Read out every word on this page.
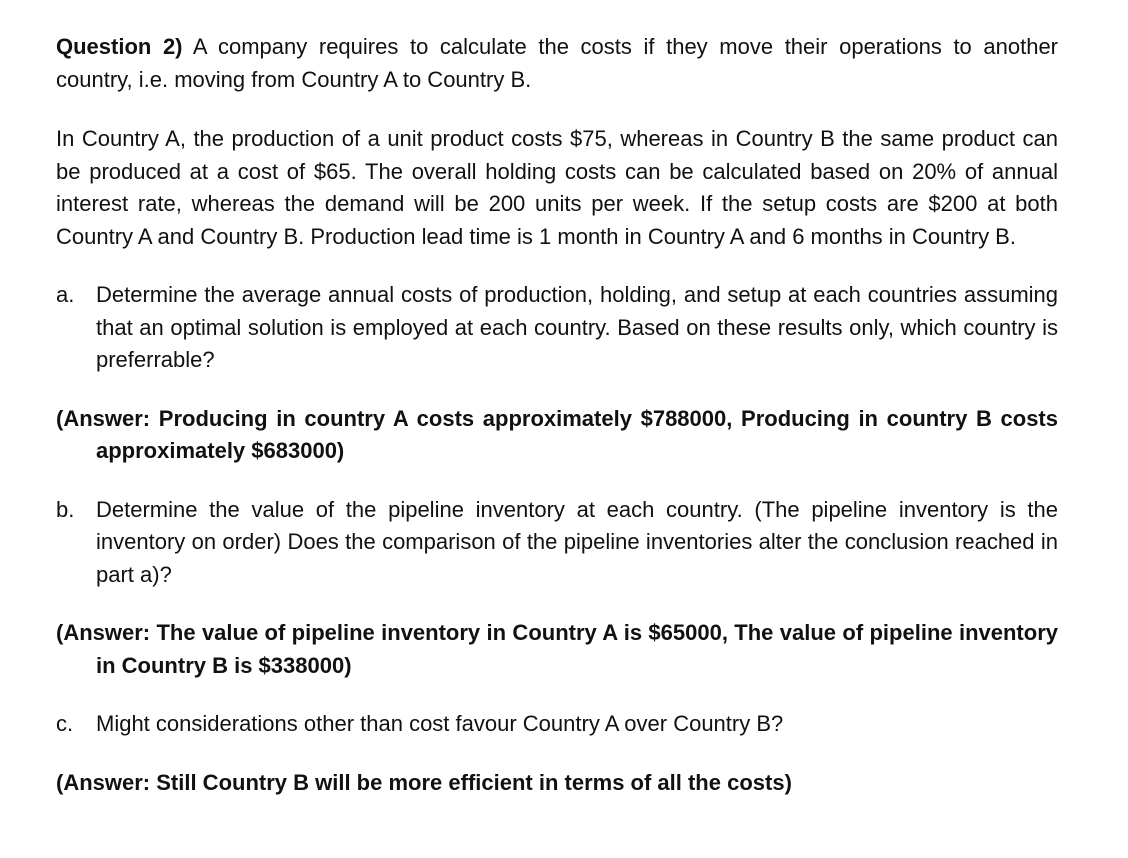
Question 2) A company requires to calculate the costs if they move their operations to another country, i.e. moving from Country A to Country B.

In Country A, the production of a unit product costs $75, whereas in Country B the same product can be produced at a cost of $65. The overall holding costs can be calculated based on 20% of annual interest rate, whereas the demand will be 200 units per week. If the setup costs are $200 at both Country A and Country B. Production lead time is 1 month in Country A and 6 months in Country B.

a. Determine the average annual costs of production, holding, and setup at each countries assuming that an optimal solution is employed at each country. Based on these results only, which country is preferrable?

(Answer: Producing in country A costs approximately $788000, Producing in country B costs approximately $683000)

b. Determine the value of the pipeline inventory at each country. (The pipeline inventory is the inventory on order) Does the comparison of the pipeline inventories alter the conclusion reached in part a)?

(Answer: The value of pipeline inventory in Country A is $65000, The value of pipeline inventory in Country B is $338000)

c.	Might considerations other than cost favour Country A over Country B?

(Answer: Still Country B will be more efficient in terms of all the costs)
